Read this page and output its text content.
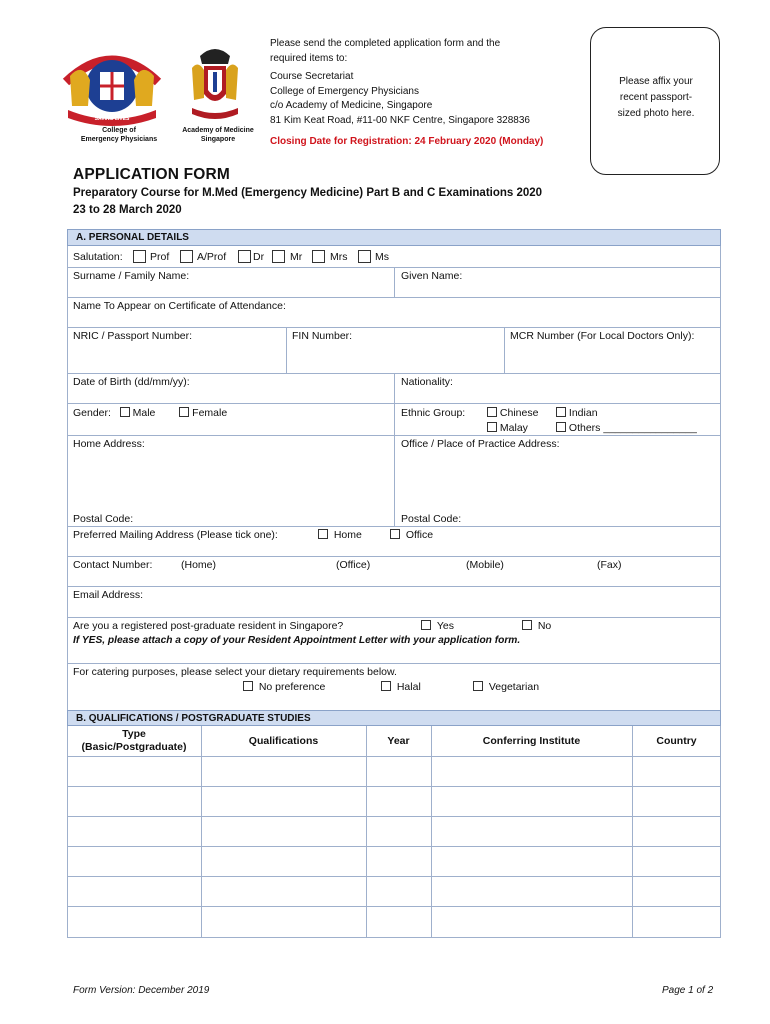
SAVING LIVES
College of
Emergency Physicians
Academy of Medicine
Singapore

Please send the completed application form and the

required items to:

Course Secretariat

College of Emergency Physicians

c/o Academy of Medicine, Singapore

81 Kim Keat Road, #11-00 NKF Centre, Singapore 328836

Closing Date for Registration: 24 February 2020 (Monday)
Please affix your
recent passport-
sized photo here.
APPLICATION FORM
Preparatory Course for M.Med (Emergency Medicine) Part B and C Examinations 2020
23 to 28 March 2020
A. PERSONAL DETAILS
Salutation:	Prof	A/Prof	Dr Mr	Mrs	Ms
Surname / Family Name:	Given Name:
Name To Appear on Certificate of Attendance:
NRIC / Passport Number:	FIN Number:	MCR Number (For Local Doctors Only):
Date of Birth (dd/mm/yy):	Nationality:
Gender: Male	Female	Ethnic Group:	Chinese	Indian
Malay	Others ________________
Home Address:	Office / Place of Practice Address:
Postal Code:	Postal Code:
Preferred Mailing Address (Please tick one):	Home	Office
Contact Number:	(Home)	(Office)	(Mobile)	(Fax)
Email Address:
Are you a registered post-graduate resident in Singapore?	Yes	No
If YES, please attach a copy of your Resident Appointment Letter with your application form.
For catering purposes, please select your dietary requirements below.
No preference	Halal	Vegetarian
B. QUALIFICATIONS / POSTGRADUATE STUDIES
Type
(Basic/Postgraduate)	Qualifications	Year	Conferring Institute	Country
Form Version: December 2019	Page 1 of 2
